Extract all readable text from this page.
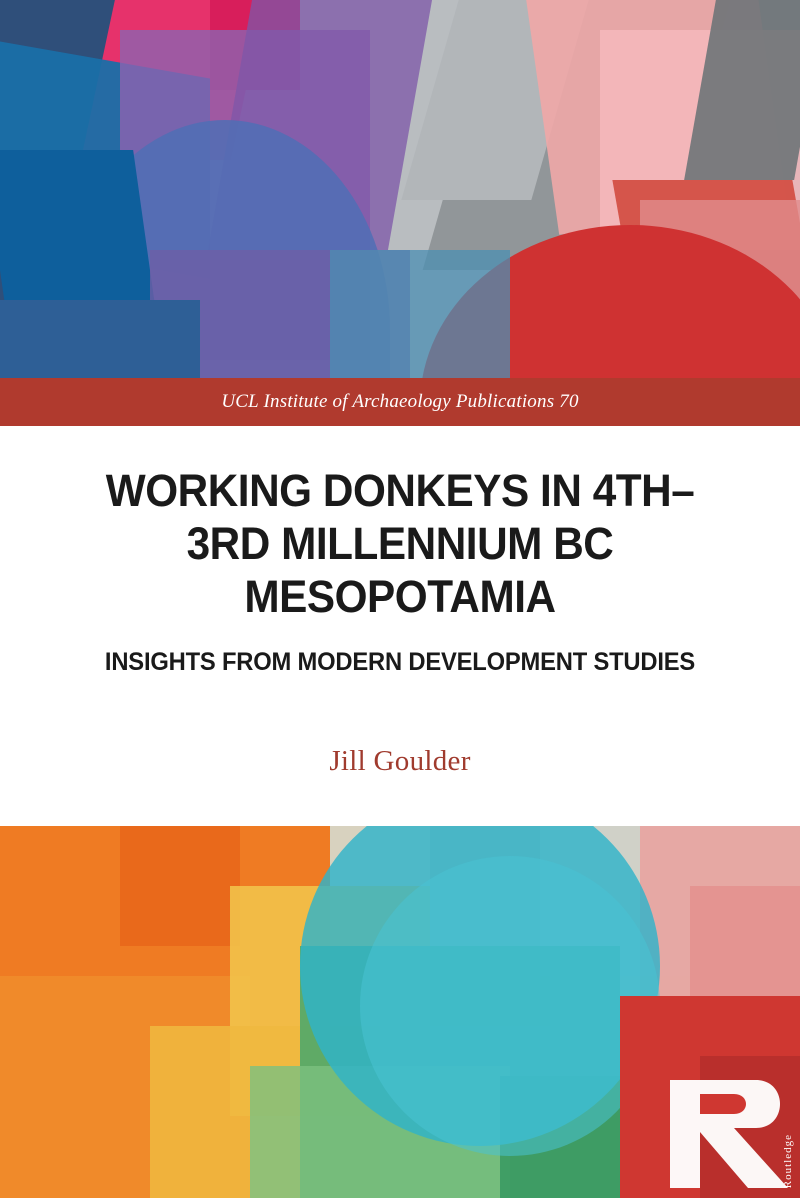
UCL Institute of Archaeology Publications 70
WORKING DONKEYS IN 4TH–3RD MILLENNIUM BC MESOPOTAMIA
INSIGHTS FROM MODERN DEVELOPMENT STUDIES

Jill Goulder

Routledge
